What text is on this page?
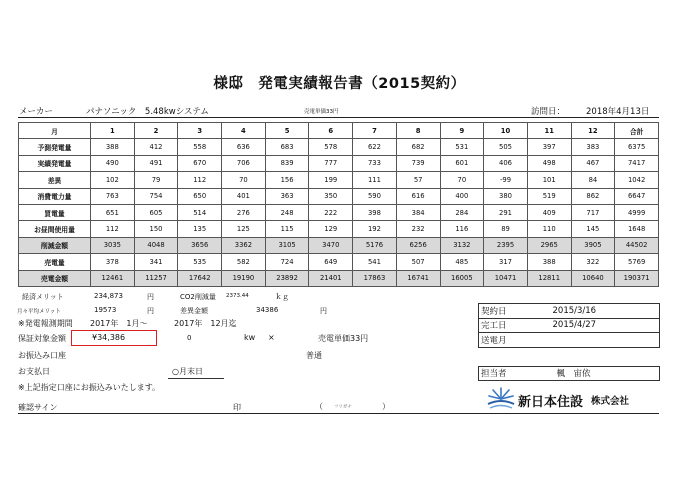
様邸　発電実績報告書（2015契約）
メーカー	パナソニック　5.48kwシステム	売電単価33円	訪問日： 2018年4月13日
月	1	2	3	4	5	6	7	8	9	10	11	12	合計
予測発電量	388	412	558	636	683	578	622	682	531	505	397	383	6375
実績発電量	490	491	670	706	839	777	733	739	601	406	498	467	7417
差異	102	79	112	70	156	199	111	57	70	-99	101	84	1042
消費電力量	763	754	650	401	363	350	590	616	400	380	519	862	6647
買電量	651	605	514	276	248	222	398	384	284	291	409	717	4999
お昼間使用量	112	150	135	125	115	129	192	232	116	89	110	145	1648
削減金額	3035	4048	3656	3362	3105	3470	5176	6256	3132	2395	2965	3905	44502
売電量	378	341	535	582	724	649	541	507	485	317	388	322	5769
売電金額	12461	11257	17642	19190	23892	21401	17863	16741	16005	10471	12811	10640	190371
経済メリット	234,873	円	CO2削減量 2373.44	ｋｇ
月々平均メリット	19573	円	差異金額	34386	円
※発電報測期間 2017年　1月～	2017年　12月迄
保証対象金額	¥34,386	0	kw ×	売電単価33円
お振込み口座	普通
お支払日	○月末日
※上記指定口座にお振込みいたします。
確認サイン	印	（ フリガナ	）
契約日	2015/3/16
完工日	2015/4/27
送電月	

担当者	楓　宙依
新日本住設 株式会社
